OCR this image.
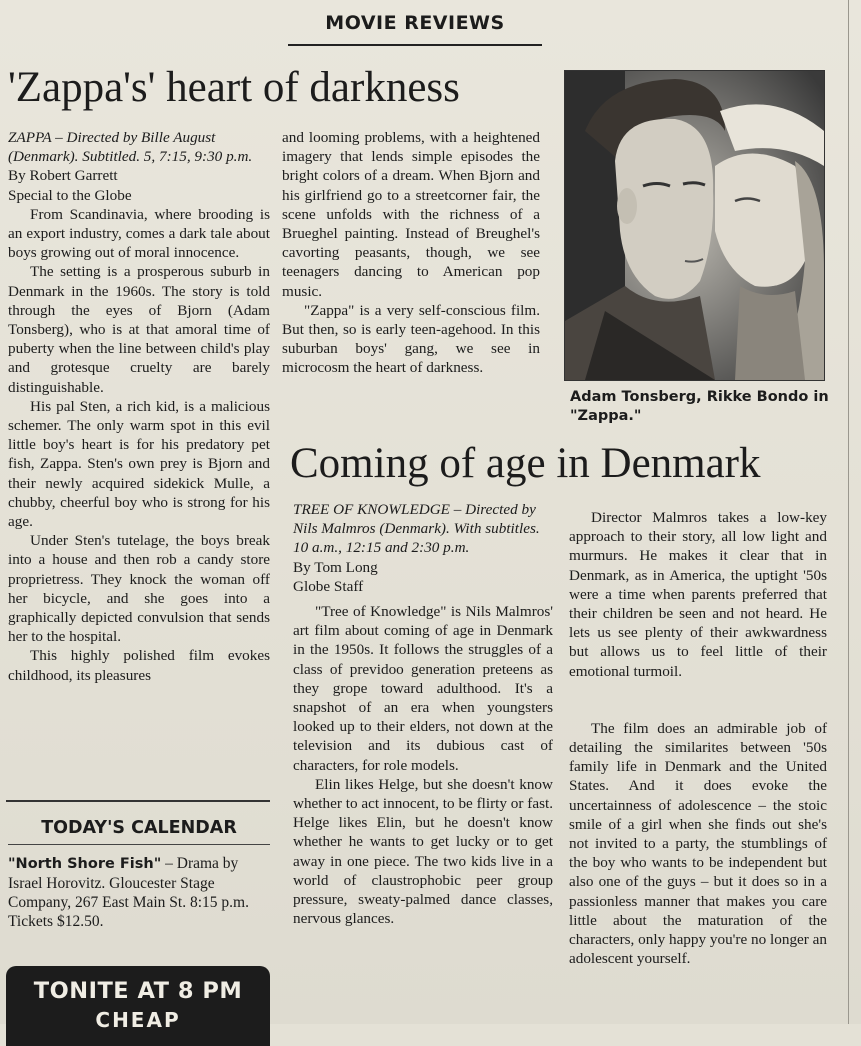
MOVIE REVIEWS
'Zappa's' heart of darkness

ZAPPA – Directed by Bille August (Denmark). Subtitled. 5, 7:15, 9:30 p.m.

By Robert Garrett

Special to the Globe

From Scandinavia, where brooding is an export industry, comes a dark tale about boys growing out of moral innocence.

The setting is a prosperous suburb in Denmark in the 1960s. The story is told through the eyes of Bjorn (Adam Tonsberg), who is at that amoral time of puberty when the line between child's play and grotesque cruelty are barely distinguishable.

His pal Sten, a rich kid, is a malicious schemer. The only warm spot in this evil little boy's heart is for his predatory pet fish, Zappa. Sten's own prey is Bjorn and their newly acquired sidekick Mulle, a chubby, cheerful boy who is strong for his age.

Under Sten's tutelage, the boys break into a house and then rob a candy store proprietress. They knock the woman off her bicycle, and she goes into a graphically depicted convulsion that sends her to the hospital.

This highly polished film evokes childhood, its pleasures

and looming problems, with a heightened imagery that lends simple episodes the bright colors of a dream. When Bjorn and his girlfriend go to a streetcorner fair, the scene unfolds with the richness of a Brueghel painting. Instead of Breughel's cavorting peasants, though, we see teenagers dancing to American pop music.

"Zappa" is a very self-conscious film. But then, so is early teen-agehood. In this suburban boys' gang, we see in microcosm the heart of darkness.

Adam Tonsberg, Rikke Bondo in "Zappa."
Coming of age in Denmark

TREE OF KNOWLEDGE – Directed by Nils Malmros (Denmark). With subtitles. 10 a.m., 12:15 and 2:30 p.m.

By Tom Long

Globe Staff

"Tree of Knowledge" is Nils Malmros' art film about coming of age in Denmark in the 1950s. It follows the struggles of a class of previdoo generation preteens as they grope toward adulthood. It's a snapshot of an era when youngsters looked up to their elders, not down at the television and its dubious cast of characters, for role models.

Elin likes Helge, but she doesn't know whether to act innocent, to be flirty or fast. Helge likes Elin, but he doesn't know whether he wants to get lucky or to get away in one piece. The two kids live in a world of claustrophobic peer group pressure, sweaty-palmed dance classes, nervous glances.

Director Malmros takes a low-key approach to their story, all low light and murmurs. He makes it clear that in Denmark, as in America, the uptight '50s were a time when parents preferred that their children be seen and not heard. He lets us see plenty of their awkwardness but allows us to feel little of their emotional turmoil.

The film does an admirable job of detailing the similarites between '50s family life in Denmark and the United States. And it does evoke the uncertainness of adolescence – the stoic smile of a girl when she finds out she's not invited to a party, the stumblings of the boy who wants to be independent but also one of the guys – but it does so in a passionless manner that makes you care little about the maturation of the characters, only happy you're no longer an adolescent yourself.

TODAY'S CALENDAR
"North Shore Fish" – Drama by Israel Horovitz. Gloucester Stage Company, 267 East Main St. 8:15 p.m. Tickets $12.50.
TONITE AT 8 PM
CHEAP
